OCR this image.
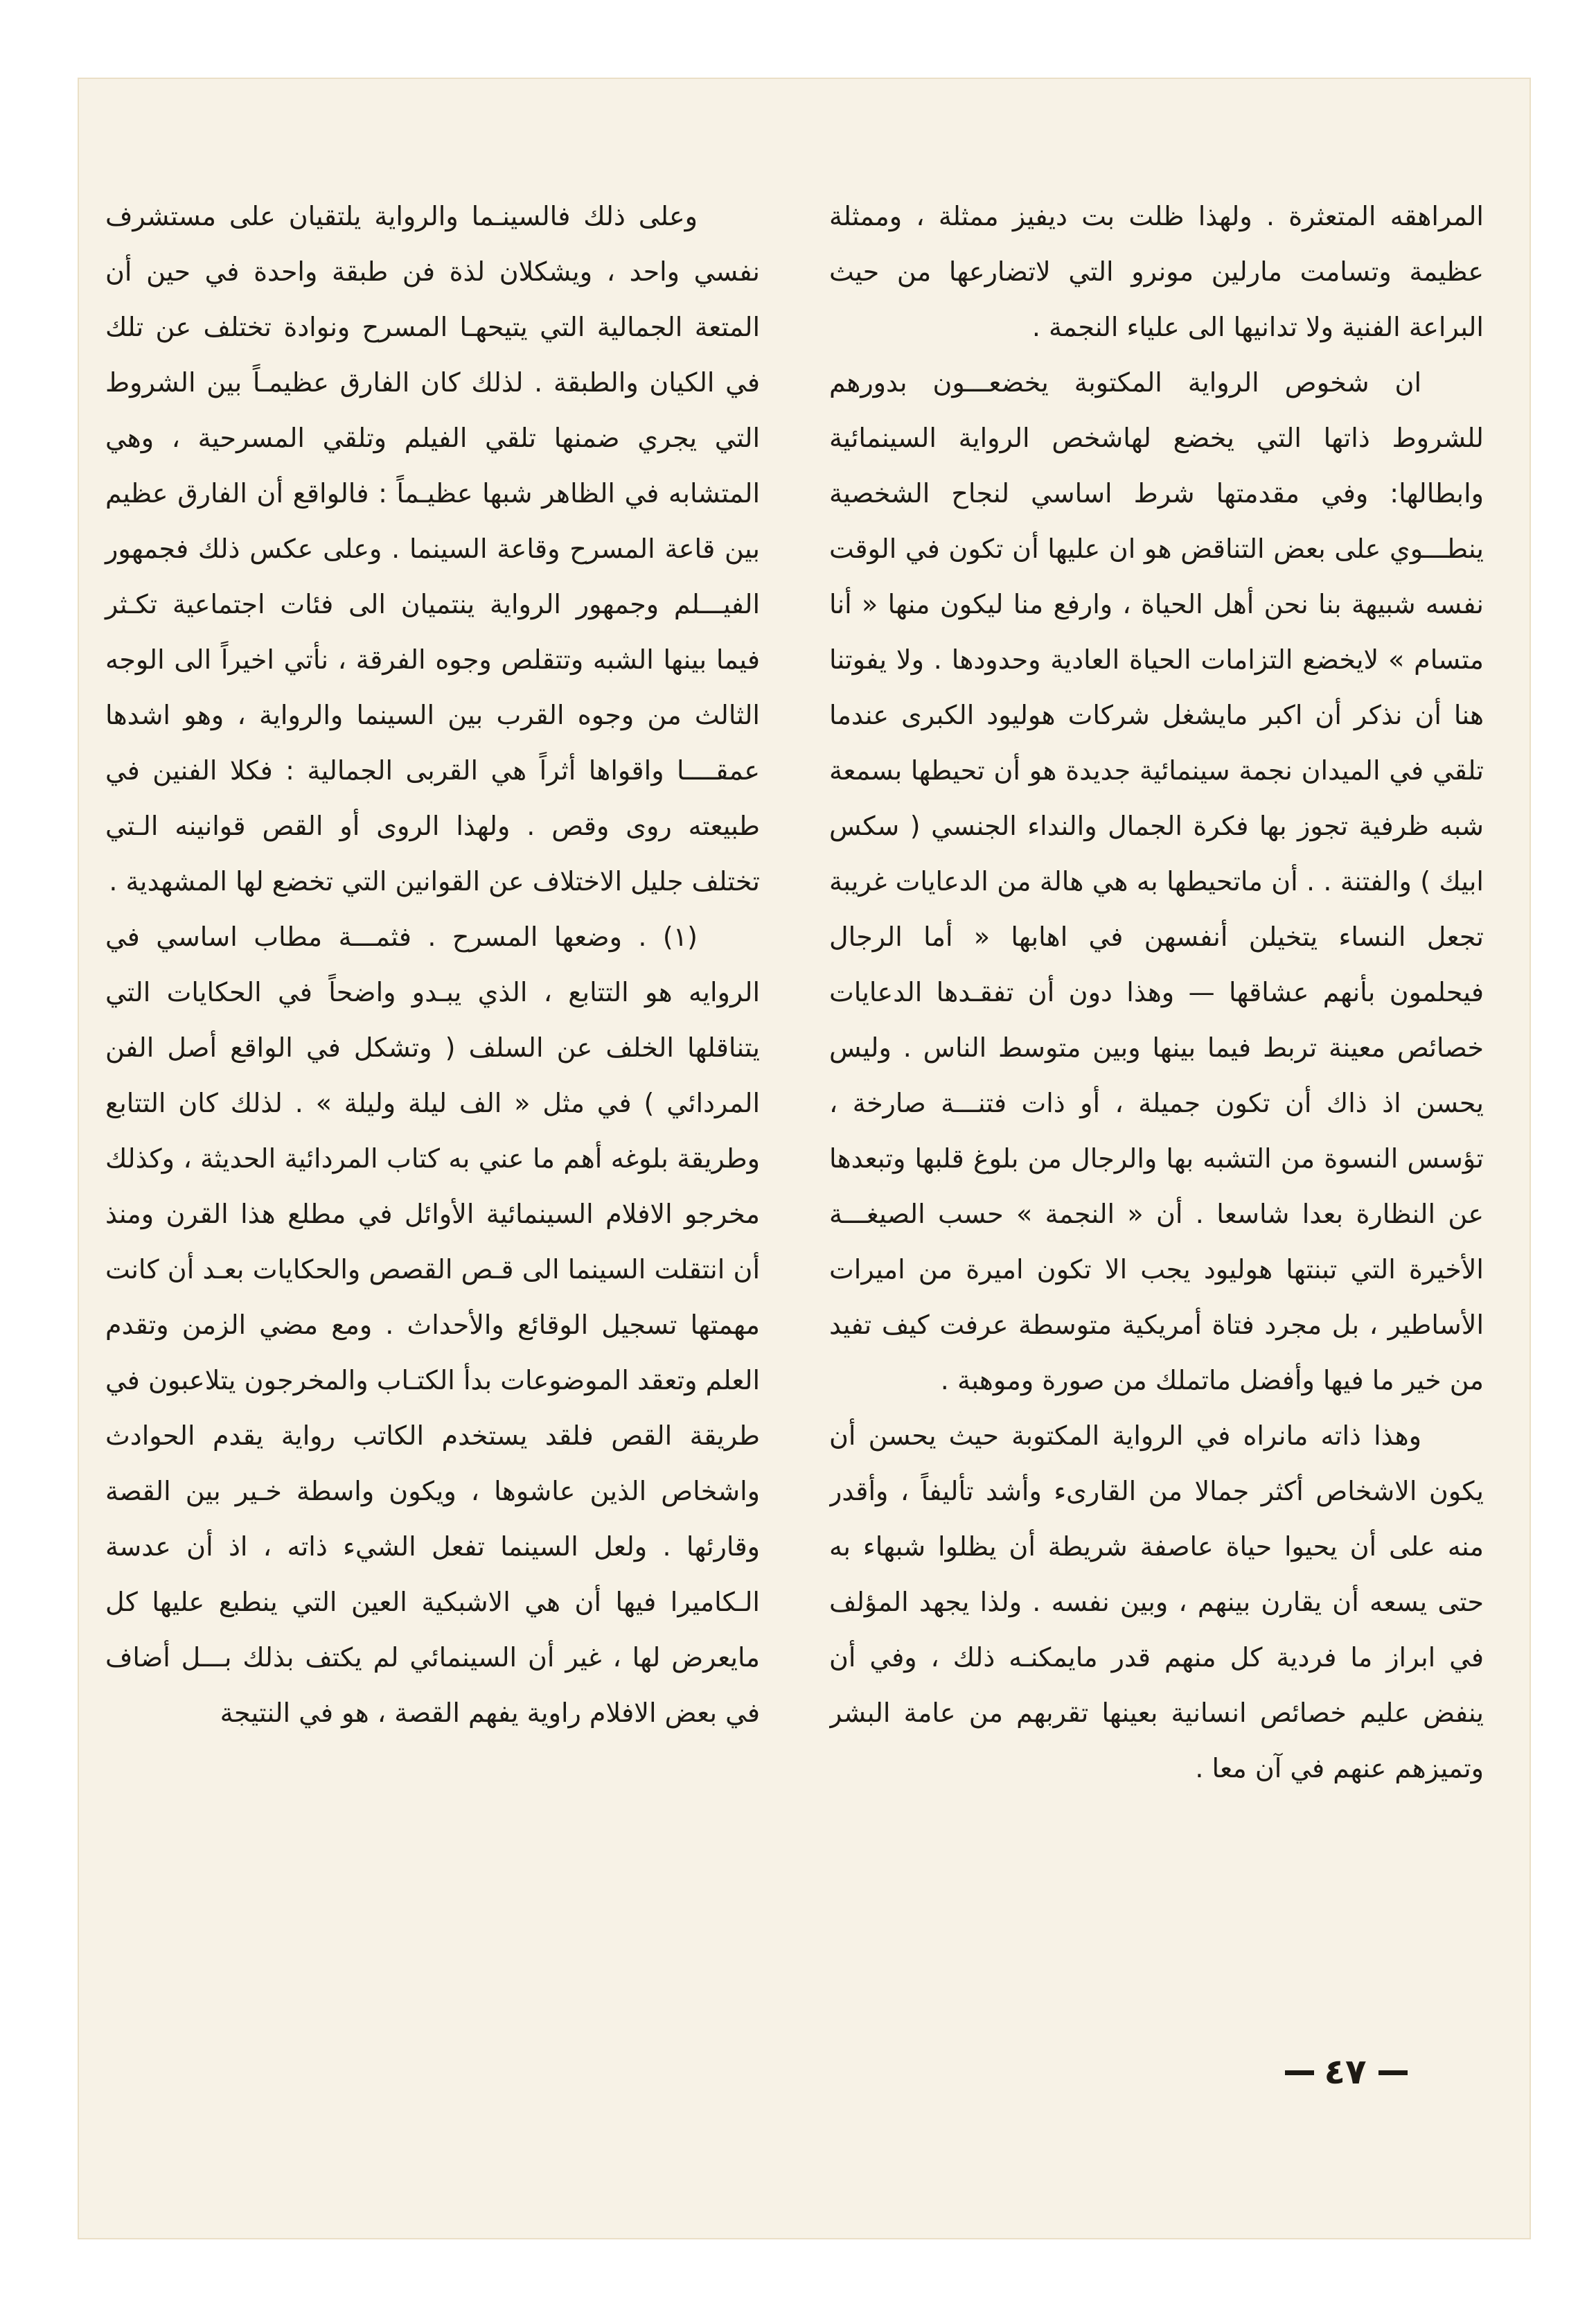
المراهقه المتعثرة . ولهذا ظلت بت ديفيز ممثلة ، وممثلة عظيمة وتسامت مارلين مونرو التي لاتضارعها من حيث البراعة الفنية ولا تدانيها الى علياء النجمة .

ان شخوص الرواية المكتوبة يخضعـــون بدورهم للشروط ذاتها التي يخضع لهاشخص الرواية السينمائية وابطالها: وفي مقدمتها شرط اساسي لنجاح الشخصية ينطـــوي على بعض التناقض هو ان عليها أن تكون في الوقت نفسه شبيهة بنا نحن أهل الحياة ، وارفع منا ليكون منها « أنا متسام » لايخضع التزامات الحياة العادية وحدودها . ولا يفوتنا هنا أن نذكر أن اكبر مايشغل شركات هوليود الكبرى عندما تلقي في الميدان نجمة سينمائية جديدة هو أن تحيطها بسمعة شبه ظرفية تجوز بها فكرة الجمال والنداء الجنسي ( سكس ابيك ) والفتنة . . أن ماتحيطها به هي هالة من الدعايات غريبة تجعل النساء يتخيلن أنفسهن في اهابها « أما الرجال فيحلمون بأنهم عشاقها — وهذا دون أن تفقـدها الدعايات خصائص معينة تربط فيما بينها وبين متوسط الناس . وليس يحسن اذ ذاك أن تكون جميلة ، أو ذات فتنـــة صارخة ، تؤسس النسوة من التشبه بها والرجال من بلوغ قلبها وتبعدها عن النظارة بعدا شاسعا . أن « النجمة » حسب الصيغـــة الأخيرة التي تبنتها هوليود يجب الا تكون اميرة من اميرات الأساطير ، بل مجرد فتاة أمريكية متوسطة عرفت كيف تفيد من خير ما فيها وأفضل ماتملك من صورة وموهبة .

وهذا ذاته مانراه في الرواية المكتوبة حيث يحسن أن يكون الاشخاص أكثر جمالا من القارىء وأشد تأليفاً ، وأقدر منه على أن يحيوا حياة عاصفة شريطة أن يظلوا شبهاء به حتى يسعه أن يقارن بينهم ، وبين نفسه . ولذا يجهد المؤلف في ابراز ما فردية كل منهم قدر مايمكنـه ذلك ، وفي أن ينفض عليم خصائص انسانية بعينها تقربهم من عامة البشر وتميزهم عنهم في آن معا .

وعلى ذلك فالسينـما والرواية يلتقيان على مستشرف نفسي واحد ، ويشكلان لذة فن طبقة واحدة في حين أن المتعة الجمالية التي يتيحهـا المسرح ونوادة تختلف عن تلك في الكيان والطبقة . لذلك كان الفارق عظيمـاً بين الشروط التي يجري ضمنها تلقي الفيلم وتلقي المسرحية ، وهي المتشابه في الظاهر شبها عظيـماً : فالواقع أن الفارق عظيم بين قاعة المسرح وقاعة السينما . وعلى عكس ذلك فجمهور الفيـــلم وجمهور الرواية ينتميان الى فئات اجتماعية تكـثر فيما بينها الشبه وتتقلص وجوه الفرقة ، نأتي اخيراً الى الوجه الثالث من وجوه القرب بين السينما والرواية ، وهو اشدها عمقــــا واقواها أثراً هي القربى الجمالية : فكلا الفنين في طبيعته روى وقص . ولهذا الروى أو القص قوانينه الـتي تختلف جليل الاختلاف عن القوانين التي تخضع لها المشهدية .

(١) . وضعها المسرح . فثمـــة مطاب اساسي في الروايه هو التتابع ، الذي يبـدو واضحاً في الحكايات التي يتناقلها الخلف عن السلف ( وتشكل في الواقع أصل الفن المردائي ) في مثل « الف ليلة وليلة » . لذلك كان التتابع وطريقة بلوغه أهم ما عني به كتاب المردائية الحديثة ، وكذلك مخرجو الافلام السينمائية الأوائل في مطلع هذا القرن ومنذ أن انتقلت السينما الى قـص القصص والحكايات بعـد أن كانت مهمتها تسجيل الوقائع والأحداث . ومع مضي الزمن وتقدم العلم وتعقد الموضوعات بدأ الكتـاب والمخرجون يتلاعبون في طريقة القص فلقد يستخدم الكاتب رواية يقدم الحوادث واشخاص الذين عاشوها ، ويكون واسطة خـير بين القصة وقارئها . ولعل السينما تفعل الشيء ذاته ، اذ أن عدسة الـكاميرا فيها أن هي الاشبكية العين التي ينطبع عليها كل مايعرض لها ، غير أن السينمائي لم يكتف بذلك بـــل أضاف في بعض الافلام راوية يفهم القصة ، هو في النتيجة

٤٧
